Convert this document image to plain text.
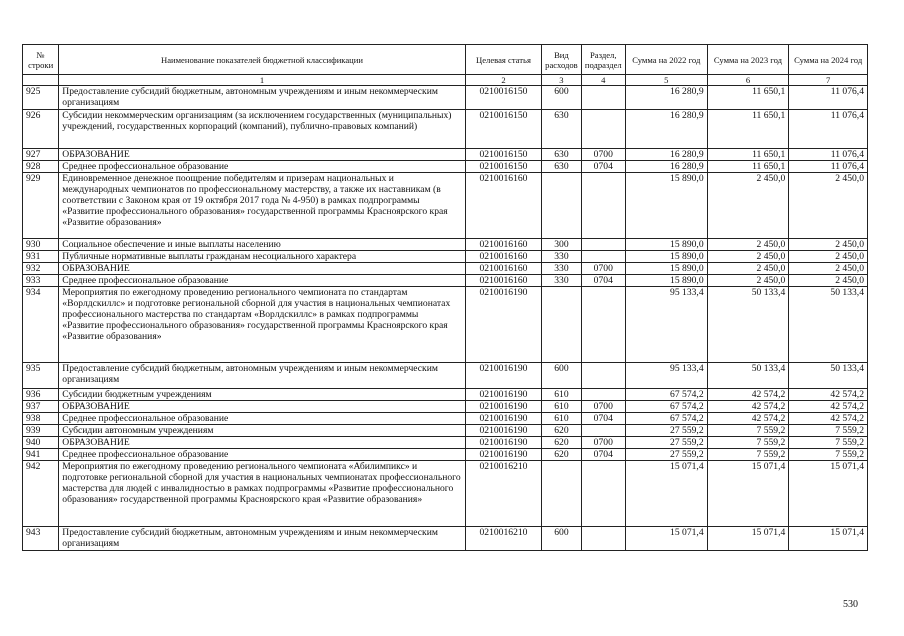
№ строки	Наименование показателей бюджетной классификации	Целевая статья	Вид расходов	Раздел, подраздел	Сумма на 2022 год	Сумма на 2023 год	Сумма на 2024 год
	1	2	3	4	5	6	7
925	Предоставление субсидий бюджетным, автономным учреждениям и иным некоммерческим организациям	0210016150	600		16 280,9	11 650,1	11 076,4
926	Субсидии некоммерческим организациям (за исключением государственных (муниципальных) учреждений, государственных корпораций (компаний), публично-правовых компаний)	0210016150	630		16 280,9	11 650,1	11 076,4
927	ОБРАЗОВАНИЕ	0210016150	630	0700	16 280,9	11 650,1	11 076,4
928	Среднее профессиональное образование	0210016150	630	0704	16 280,9	11 650,1	11 076,4
929	Единовременное денежное поощрение победителям и призерам национальных и международных чемпионатов по профессиональному мастерству, а также их наставникам (в соответствии с Законом края от 19 октября 2017 года № 4-950) в рамках подпрограммы «Развитие профессионального образования» государственной программы Красноярского края «Развитие образования»	0210016160			15 890,0	2 450,0	2 450,0
930	Социальное обеспечение и иные выплаты населению	0210016160	300		15 890,0	2 450,0	2 450,0
931	Публичные нормативные выплаты гражданам несоциального характера	0210016160	330		15 890,0	2 450,0	2 450,0
932	ОБРАЗОВАНИЕ	0210016160	330	0700	15 890,0	2 450,0	2 450,0
933	Среднее профессиональное образование	0210016160	330	0704	15 890,0	2 450,0	2 450,0
934	Мероприятия по ежегодному проведению регионального чемпионата по стандартам «Ворлдскиллс» и подготовке региональной сборной для участия в национальных чемпионатах профессионального мастерства по стандартам «Ворлдскиллс» в рамках подпрограммы «Развитие профессионального образования» государственной программы Красноярского края «Развитие образования»	0210016190			95 133,4	50 133,4	50 133,4
935	Предоставление субсидий бюджетным, автономным учреждениям и иным некоммерческим организациям	0210016190	600		95 133,4	50 133,4	50 133,4
936	Субсидии бюджетным учреждениям	0210016190	610		67 574,2	42 574,2	42 574,2
937	ОБРАЗОВАНИЕ	0210016190	610	0700	67 574,2	42 574,2	42 574,2
938	Среднее профессиональное образование	0210016190	610	0704	67 574,2	42 574,2	42 574,2
939	Субсидии автономным учреждениям	0210016190	620		27 559,2	7 559,2	7 559,2
940	ОБРАЗОВАНИЕ	0210016190	620	0700	27 559,2	7 559,2	7 559,2
941	Среднее профессиональное образование	0210016190	620	0704	27 559,2	7 559,2	7 559,2
942	Мероприятия по ежегодному проведению регионального чемпионата «Абилимпикс» и подготовке региональной сборной для участия в национальных чемпионатах профессионального мастерства для людей с инвалидностью в рамках подпрограммы «Развитие профессионального образования» государственной программы Красноярского края «Развитие образования»	0210016210			15 071,4	15 071,4	15 071,4
943	Предоставление субсидий бюджетным, автономным учреждениям и иным некоммерческим организациям	0210016210	600		15 071,4	15 071,4	15 071,4
530
